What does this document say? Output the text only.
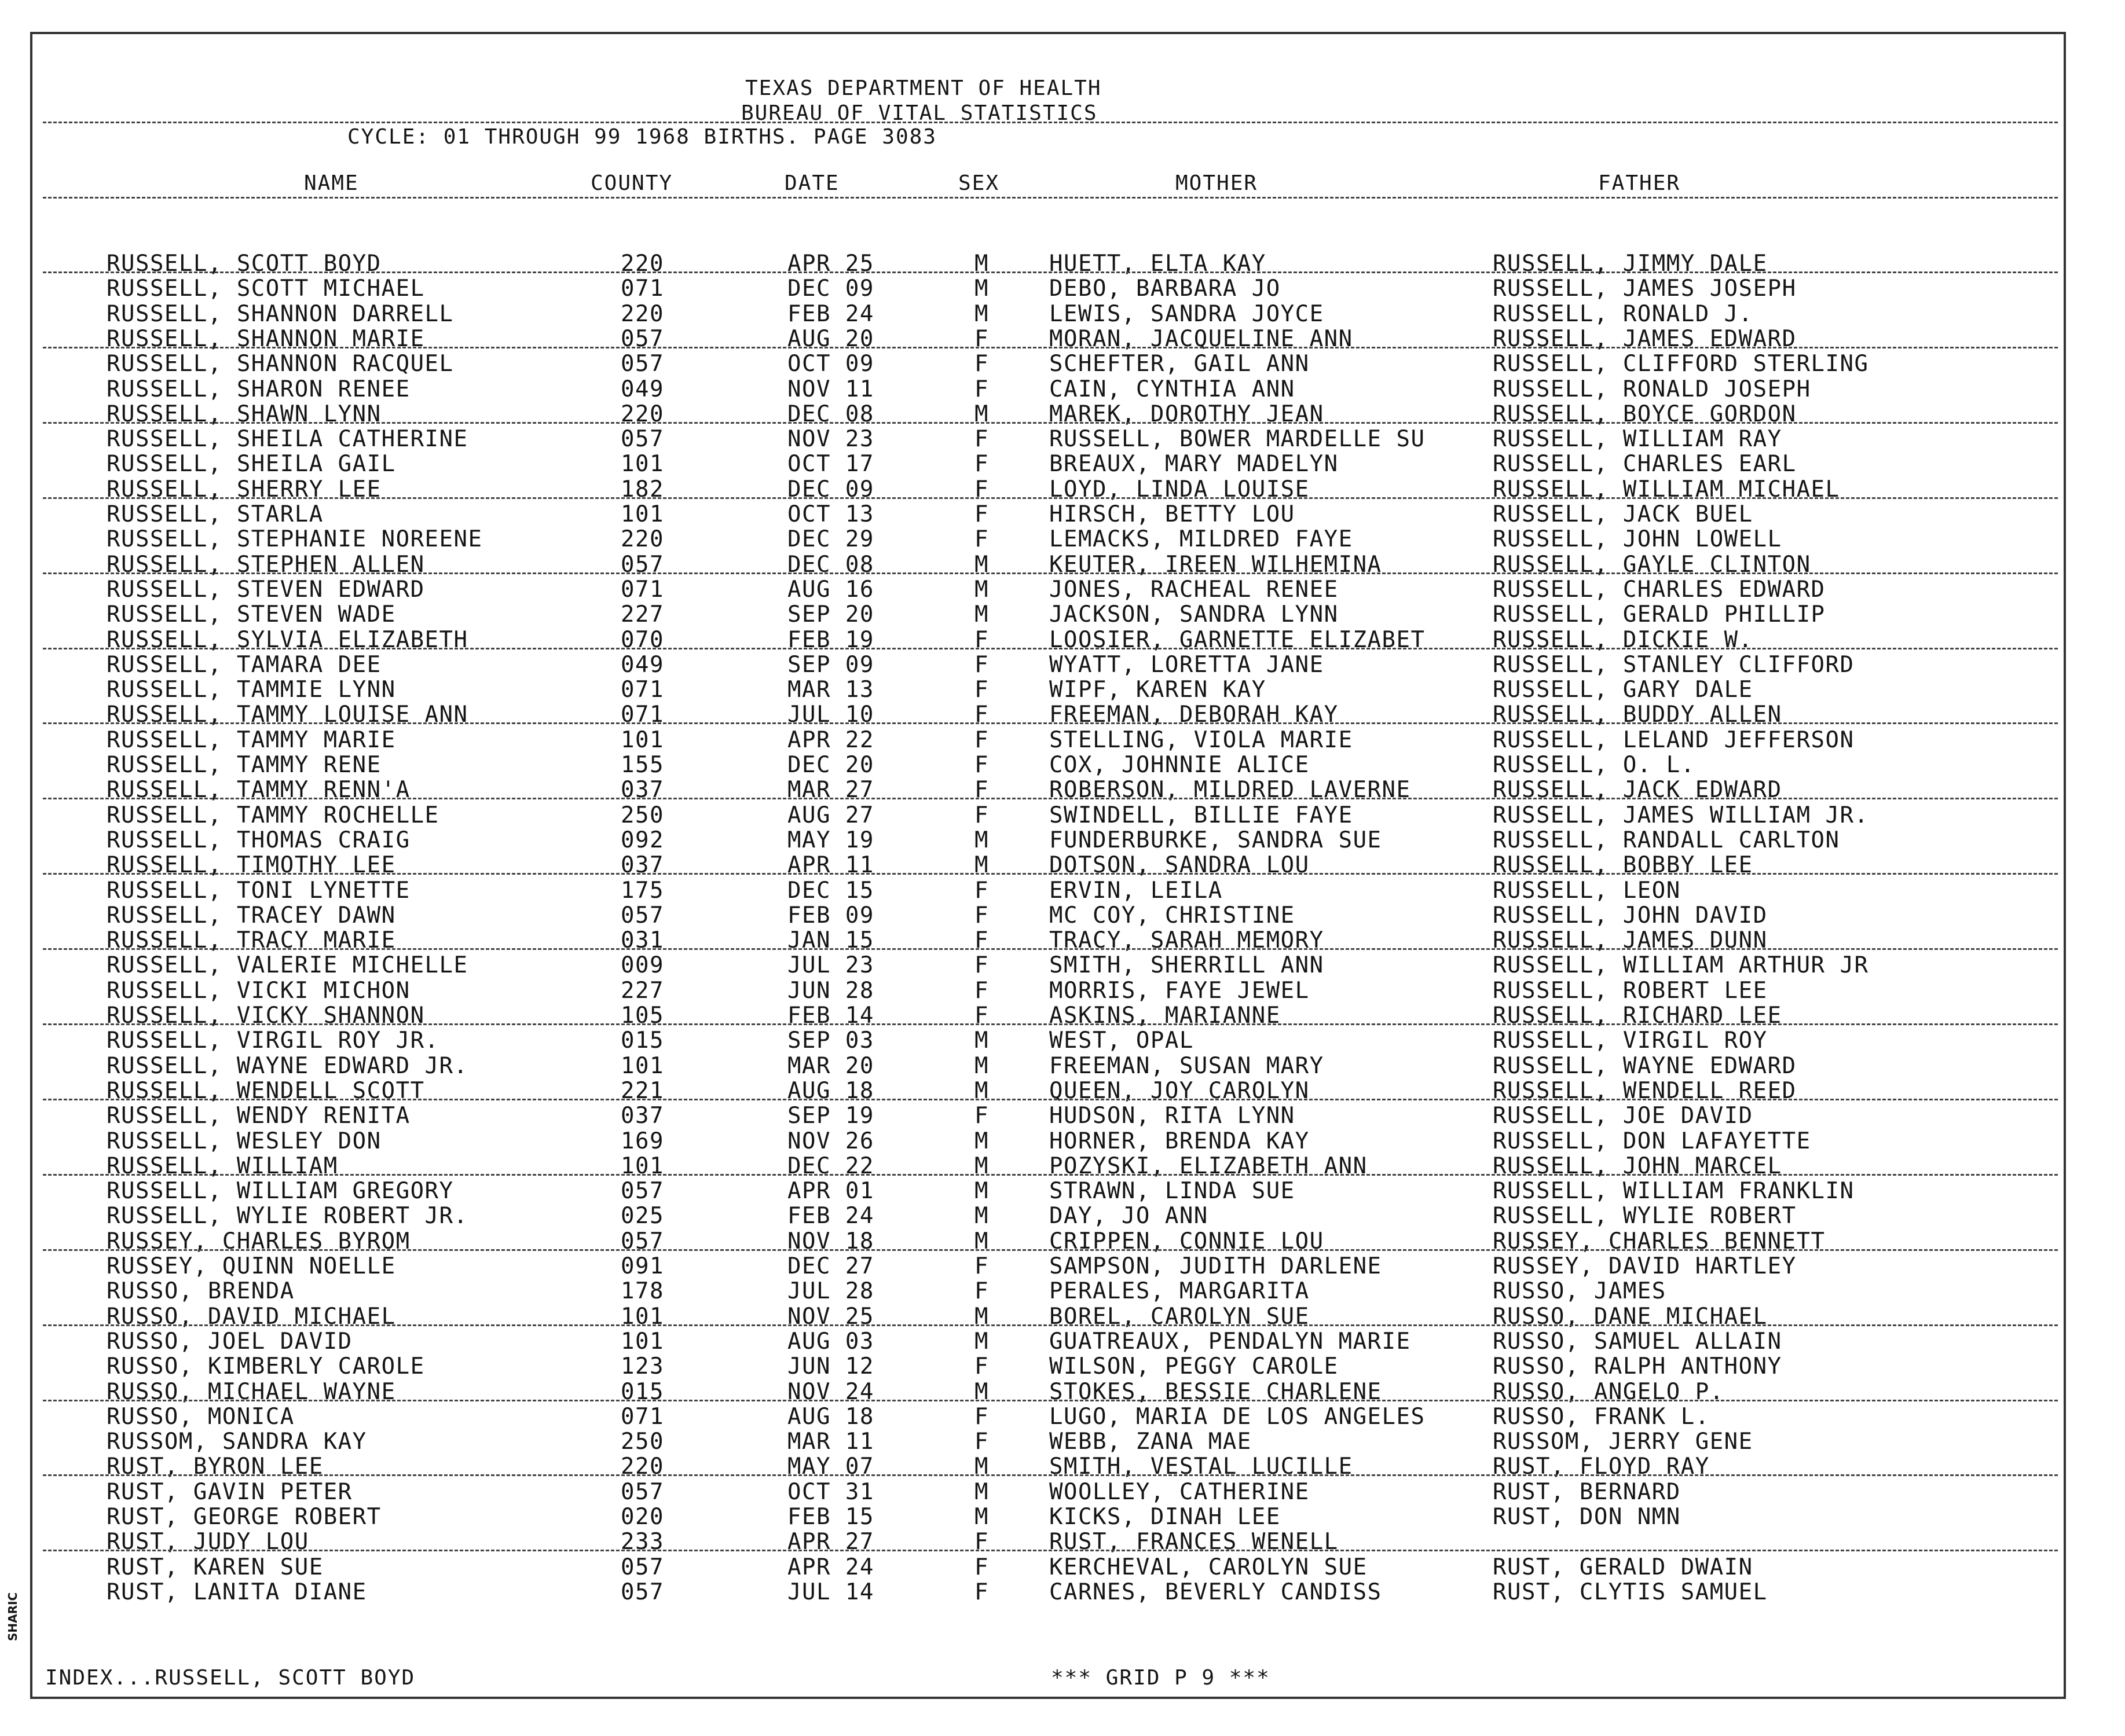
TEXAS DEPARTMENT OF HEALTH
BUREAU OF VITAL STATISTICS
CYCLE: 01 THROUGH 99 1968 BIRTHS. PAGE 3083
NAME	COUNTY	DATE	SEX	MOTHER	FATHER
RUSSELL, SCOTT BOYD	220	APR 25	M	HUETT, ELTA KAY	RUSSELL, JIMMY DALE
RUSSELL, SCOTT MICHAEL	071	DEC 09	M	DEBO, BARBARA JO	RUSSELL, JAMES JOSEPH
RUSSELL, SHANNON DARRELL	220	FEB 24	M	LEWIS, SANDRA JOYCE	RUSSELL, RONALD J.
RUSSELL, SHANNON MARIE	057	AUG 20	F	MORAN, JACQUELINE ANN	RUSSELL, JAMES EDWARD
RUSSELL, SHANNON RACQUEL	057	OCT 09	F	SCHEFTER, GAIL ANN	RUSSELL, CLIFFORD STERLING
RUSSELL, SHARON RENEE	049	NOV 11	F	CAIN, CYNTHIA ANN	RUSSELL, RONALD JOSEPH
RUSSELL, SHAWN LYNN	220	DEC 08	M	MAREK, DOROTHY JEAN	RUSSELL, BOYCE GORDON
RUSSELL, SHEILA CATHERINE	057	NOV 23	F	RUSSELL, BOWER MARDELLE SU	RUSSELL, WILLIAM RAY
RUSSELL, SHEILA GAIL	101	OCT 17	F	BREAUX, MARY MADELYN	RUSSELL, CHARLES EARL
RUSSELL, SHERRY LEE	182	DEC 09	F	LOYD, LINDA LOUISE	RUSSELL, WILLIAM MICHAEL
RUSSELL, STARLA	101	OCT 13	F	HIRSCH, BETTY LOU	RUSSELL, JACK BUEL
RUSSELL, STEPHANIE NOREENE	220	DEC 29	F	LEMACKS, MILDRED FAYE	RUSSELL, JOHN LOWELL
RUSSELL, STEPHEN ALLEN	057	DEC 08	M	KEUTER, IREEN WILHEMINA	RUSSELL, GAYLE CLINTON
RUSSELL, STEVEN EDWARD	071	AUG 16	M	JONES, RACHEAL RENEE	RUSSELL, CHARLES EDWARD
RUSSELL, STEVEN WADE	227	SEP 20	M	JACKSON, SANDRA LYNN	RUSSELL, GERALD PHILLIP
RUSSELL, SYLVIA ELIZABETH	070	FEB 19	F	LOOSIER, GARNETTE ELIZABET	RUSSELL, DICKIE W.
RUSSELL, TAMARA DEE	049	SEP 09	F	WYATT, LORETTA JANE	RUSSELL, STANLEY CLIFFORD
RUSSELL, TAMMIE LYNN	071	MAR 13	F	WIPF, KAREN KAY	RUSSELL, GARY DALE
RUSSELL, TAMMY LOUISE ANN	071	JUL 10	F	FREEMAN, DEBORAH KAY	RUSSELL, BUDDY ALLEN
RUSSELL, TAMMY MARIE	101	APR 22	F	STELLING, VIOLA MARIE	RUSSELL, LELAND JEFFERSON
RUSSELL, TAMMY RENE	155	DEC 20	F	COX, JOHNNIE ALICE	RUSSELL, O. L.
RUSSELL, TAMMY RENN'A	037	MAR 27	F	ROBERSON, MILDRED LAVERNE	RUSSELL, JACK EDWARD
RUSSELL, TAMMY ROCHELLE	250	AUG 27	F	SWINDELL, BILLIE FAYE	RUSSELL, JAMES WILLIAM JR.
RUSSELL, THOMAS CRAIG	092	MAY 19	M	FUNDERBURKE, SANDRA SUE	RUSSELL, RANDALL CARLTON
RUSSELL, TIMOTHY LEE	037	APR 11	M	DOTSON, SANDRA LOU	RUSSELL, BOBBY LEE
RUSSELL, TONI LYNETTE	175	DEC 15	F	ERVIN, LEILA	RUSSELL, LEON
RUSSELL, TRACEY DAWN	057	FEB 09	F	MC COY, CHRISTINE	RUSSELL, JOHN DAVID
RUSSELL, TRACY MARIE	031	JAN 15	F	TRACY, SARAH MEMORY	RUSSELL, JAMES DUNN
RUSSELL, VALERIE MICHELLE	009	JUL 23	F	SMITH, SHERRILL ANN	RUSSELL, WILLIAM ARTHUR JR
RUSSELL, VICKI MICHON	227	JUN 28	F	MORRIS, FAYE JEWEL	RUSSELL, ROBERT LEE
RUSSELL, VICKY SHANNON	105	FEB 14	F	ASKINS, MARIANNE	RUSSELL, RICHARD LEE
RUSSELL, VIRGIL ROY JR.	015	SEP 03	M	WEST, OPAL	RUSSELL, VIRGIL ROY
RUSSELL, WAYNE EDWARD JR.	101	MAR 20	M	FREEMAN, SUSAN MARY	RUSSELL, WAYNE EDWARD
RUSSELL, WENDELL SCOTT	221	AUG 18	M	QUEEN, JOY CAROLYN	RUSSELL, WENDELL REED
RUSSELL, WENDY RENITA	037	SEP 19	F	HUDSON, RITA LYNN	RUSSELL, JOE DAVID
RUSSELL, WESLEY DON	169	NOV 26	M	HORNER, BRENDA KAY	RUSSELL, DON LAFAYETTE
RUSSELL, WILLIAM	101	DEC 22	M	POZYSKI, ELIZABETH ANN	RUSSELL, JOHN MARCEL
RUSSELL, WILLIAM GREGORY	057	APR 01	M	STRAWN, LINDA SUE	RUSSELL, WILLIAM FRANKLIN
RUSSELL, WYLIE ROBERT JR.	025	FEB 24	M	DAY, JO ANN	RUSSELL, WYLIE ROBERT
RUSSEY, CHARLES BYROM	057	NOV 18	M	CRIPPEN, CONNIE LOU	RUSSEY, CHARLES BENNETT
RUSSEY, QUINN NOELLE	091	DEC 27	F	SAMPSON, JUDITH DARLENE	RUSSEY, DAVID HARTLEY
RUSSO, BRENDA	178	JUL 28	F	PERALES, MARGARITA	RUSSO, JAMES
RUSSO, DAVID MICHAEL	101	NOV 25	M	BOREL, CAROLYN SUE	RUSSO, DANE MICHAEL
RUSSO, JOEL DAVID	101	AUG 03	M	GUATREAUX, PENDALYN MARIE	RUSSO, SAMUEL ALLAIN
RUSSO, KIMBERLY CAROLE	123	JUN 12	F	WILSON, PEGGY CAROLE	RUSSO, RALPH ANTHONY
RUSSO, MICHAEL WAYNE	015	NOV 24	M	STOKES, BESSIE CHARLENE	RUSSO, ANGELO P.
RUSSO, MONICA	071	AUG 18	F	LUGO, MARIA DE LOS ANGELES	RUSSO, FRANK L.
RUSSOM, SANDRA KAY	250	MAR 11	F	WEBB, ZANA MAE	RUSSOM, JERRY GENE
RUST, BYRON LEE	220	MAY 07	M	SMITH, VESTAL LUCILLE	RUST, FLOYD RAY
RUST, GAVIN PETER	057	OCT 31	M	WOOLLEY, CATHERINE	RUST, BERNARD
RUST, GEORGE ROBERT	020	FEB 15	M	KICKS, DINAH LEE	RUST, DON NMN
RUST, JUDY LOU	233	APR 27	F	RUST, FRANCES WENELL
RUST, KAREN SUE	057	APR 24	F	KERCHEVAL, CAROLYN SUE	RUST, GERALD DWAIN
RUST, LANITA DIANE	057	JUL 14	F	CARNES, BEVERLY CANDISS	RUST, CLYTIS SAMUEL
SHARIC
INDEX...RUSSELL, SCOTT BOYD	*** GRID P 9 ***
